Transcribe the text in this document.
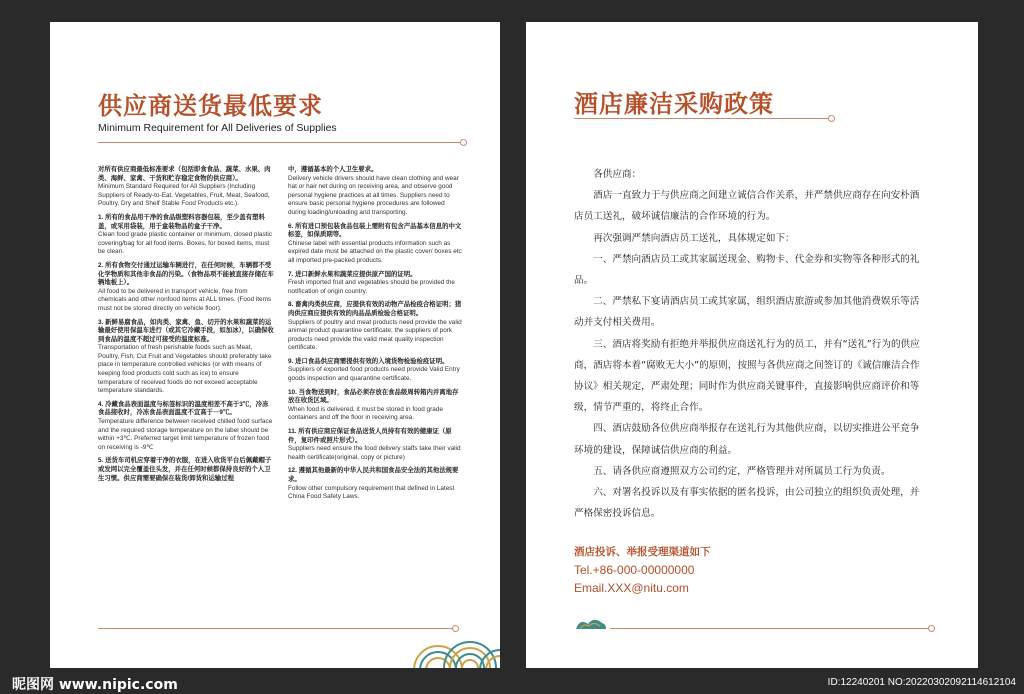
供应商送货最低要求
Minimum Requirement for All Deliveries of Supplies

对所有供应商最低标准要求（包括即食食品、蔬菜、水果、肉类、海鲜、家禽、干货和贮存稳定食物的供应商）。
Minimum Standard Required for All Suppliers (Including Suppliers of Ready-to-Eat, Vegetables, Fruit, Meat, Seafood, Poultry, Dry and Shelf Stable Food Products etc.).

1. 所有的食品用干净的食品级塑料容器包装，至少盖有塑料盖，或采用袋装，用于盒装物品的盒子干净。
Clean food grade plastic container or minimum, closed plastic covering/bag for all food items. Boxes, for boxed items, must be clean.

2. 所有食物交付通过运输车辆进行，在任何时候，车辆都不受化学物质和其他非食品的污染。（食物品项不能被直接存储在车辆地板上）。
All food to be delivered in transport vehicle, free from chemicals and other nonfood items at ALL times. (Food items must not be stored directly on vehicle floor).

3. 新鲜易腐食品，如肉类、家禽、鱼、切开的水果和蔬菜的运输最好使用保温车进行（或其它冷藏手段，如加冰），以确保收到食品的温度不超过可接受的温度标准。
Transportation of fresh perishable foods such as Meat, Poultry, Fish, Cut Fruit and Vegetables should preferably take place in temperature controlled vehicles (or with means of keeping food products cold such as ice) to ensure temperature of received foods do not exceed acceptable temperature standards.

4. 冷藏食品表面温度与标签标识的温度相差不高于3℃，冷冻食品接收时，冷冻食品表面温度不宜高于－9℃。
Temperature difference between received chilled food surface and the required storage temperature on the label should be within +3℃. Preferred target limit temperature of frozen food on receiving is -9℃

5. 送货车司机应穿着干净的衣服，在进入收货平台后佩戴帽子或发网以完全覆盖住头发，并在任何时候都保持良好的个人卫生习惯。供应商需要确保在装货/卸货和运输过程

中，遵循基本的个人卫生要求。
Delivery vehicle drivers should have clean clothing and wear hat or hair net during on receiving area, and observe good personal hygiene practices at all times. Suppliers need to ensure basic personal hygiene procedures are followed during loading/unloading and transporting.

6. 所有进口预包装食品包装上需附有包含产品基本信息的中文标签，如保质期等。
Chinese label with essential products information such as expired date must be attached on the plastic cover/ boxes etc all imported pre-packed products.

7. 进口新鲜水果和蔬菜应提供原产国的证明。
Fresh imported fruit and vegetables should be provided the notification of origin country.

8. 畜禽肉类供应商，应提供有效的动物产品检疫合格证明；猪肉供应商应提供有效的肉品品质检验合格证明。
Suppliers of poultry and meat products need provide the valid animal product quarantine certificate; the suppliers of pork products need provide the valid meat quality inspection certificate.

9. 进口食品供应商需提供有效的入境货物检验检疫证明。
Suppliers of exported food products need provide Valid Entry goods inspection and quarantine certificate.

10. 当食物送到时，食品必须存放在食品级周转箱内并离地存放在收货区域。
When food is delivered, it must be stored in food grade containers and off the floor in receiving area.

11. 所有供应商应保证食品送货人员持有有效的健康证（原件，复印件或照片形式）。
Suppliers need ensure the food delivery staffs take their valid health certificate(original, copy or picture)

12. 遵循其他最新的中华人民共和国食品安全法的其他法规要求。
Follow other compulsory requirement that defined in Latest China Food Safety Laws.

酒店廉洁采购政策

各供应商：

酒店一直致力于与供应商之间建立诚信合作关系，并严禁供应商存在向安朴酒店员工送礼，破坏诚信廉洁的合作环境的行为。

再次强调严禁向酒店员工送礼，具体规定如下：

一、严禁向酒店员工或其家属送现金、购物卡、代金券和实物等各种形式的礼品。

二、严禁私下宴请酒店员工或其家属，组织酒店旅游或参加其他消费娱乐等活动并支付相关费用。

三、酒店将奖励有拒绝并举报供应商送礼行为的员工，并有“送礼”行为的供应商，酒店将本着“腐败无大小”的原则，按照与各供应商之间签订的《诚信廉洁合作协议》相关规定，严肃处理；同时作为供应商关键事件，直接影响供应商评价和等级，情节严重的，将终止合作。

四、酒店鼓励各位供应商举报存在送礼行为其他供应商，以切实推进公平竞争环境的建设，保障诚信供应商的利益。

五、请各供应商遵照双方公司约定，严格管理并对所属员工行为负责。

六、对署名投诉以及有事实依据的匿名投诉，由公司独立的组织负责处理，并严格保密投诉信息。

酒店投诉、举报受理渠道如下
Tel.+86-000-00000000
Email.XXX@nitu.com
昵图网 www.nipic.com	ID:12240201 NO:20220302092114612104
